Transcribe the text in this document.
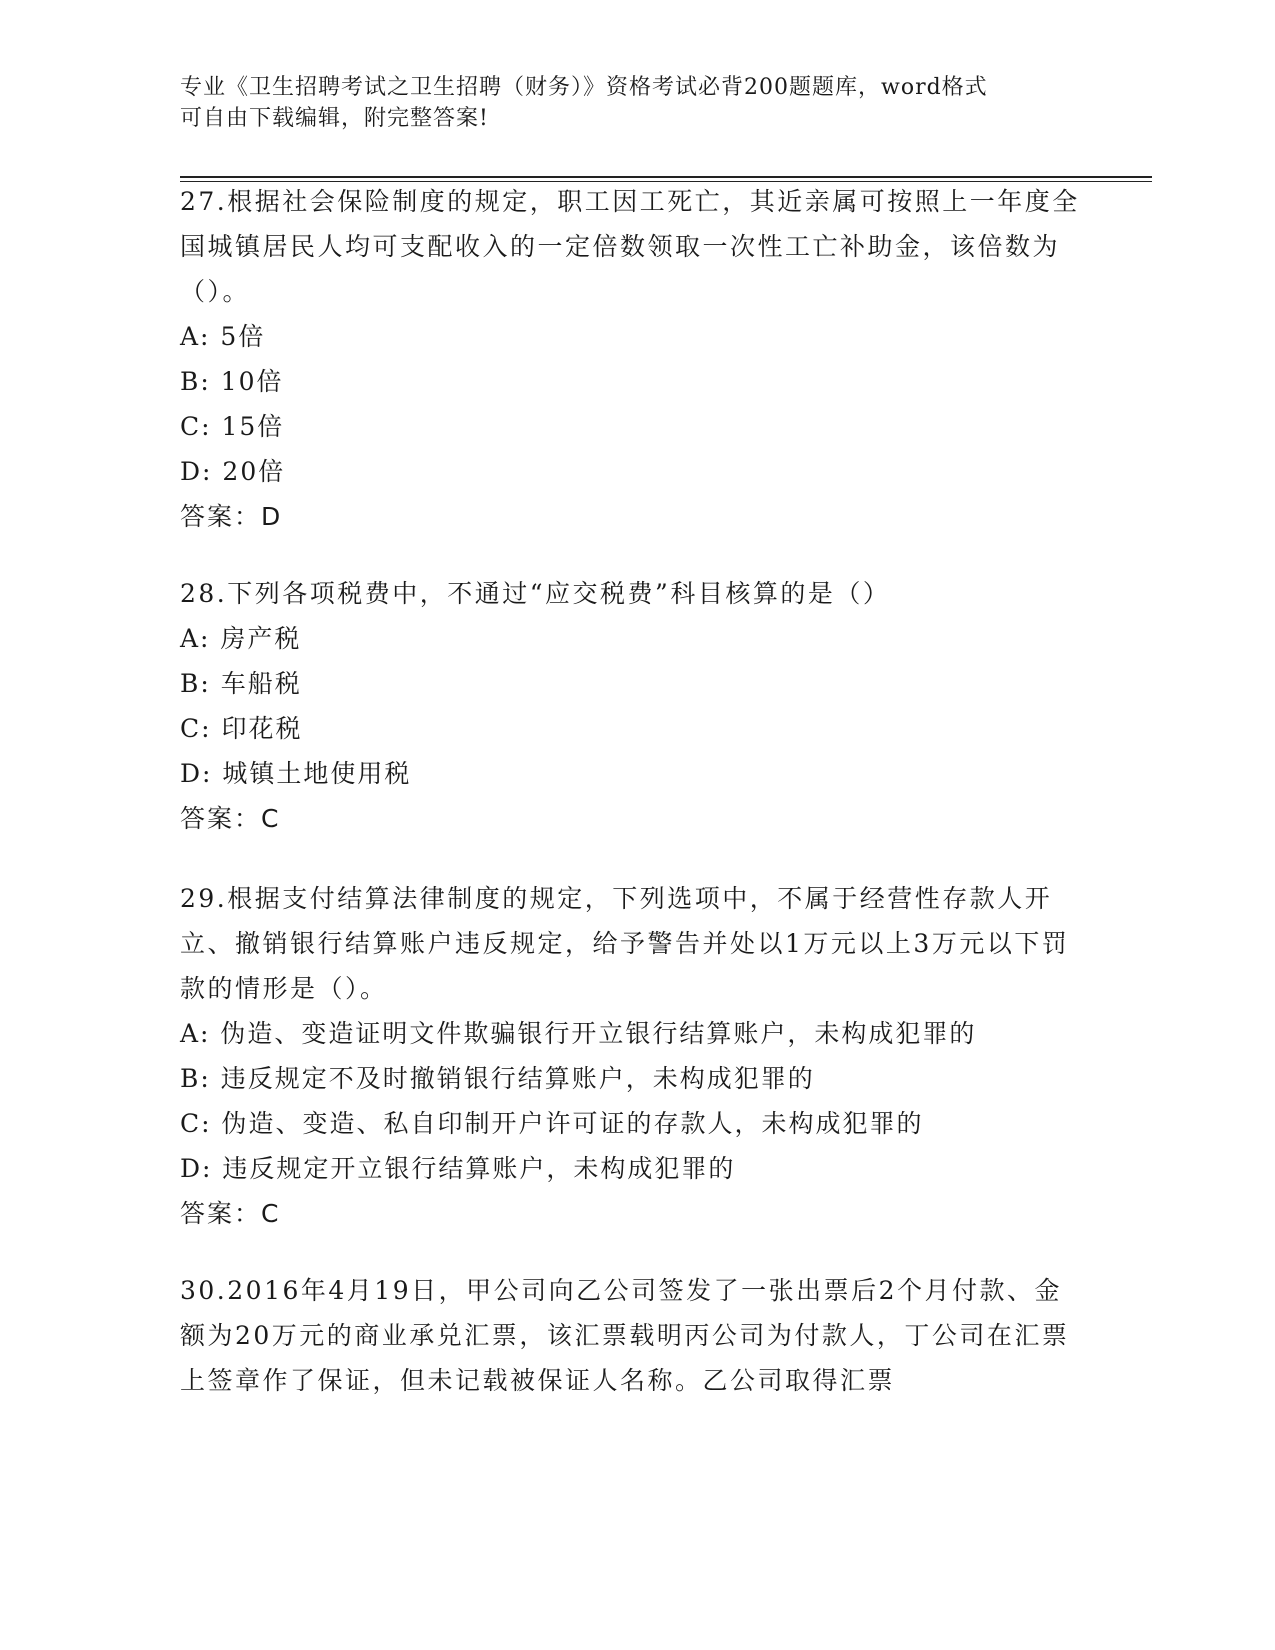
专业《卫生招聘考试之卫生招聘（财务）》资格考试必背200题题库，word格式
可自由下载编辑，附完整答案!

27.根据社会保险制度的规定，职工因工死亡，其近亲属可按照上一年度全国城镇居民人均可支配收入的一定倍数领取一次性工亡补助金，该倍数为（）。

A: 5倍

B: 10倍

C: 15倍

D: 20倍

答案：D

28.下列各项税费中，不通过“应交税费”科目核算的是（）

A: 房产税

B: 车船税

C: 印花税

D: 城镇土地使用税

答案：C

29.根据支付结算法律制度的规定，下列选项中，不属于经营性存款人开立、撤销银行结算账户违反规定，给予警告并处以1万元以上3万元以下罚款的情形是（）。

A: 伪造、变造证明文件欺骗银行开立银行结算账户，未构成犯罪的

B: 违反规定不及时撤销银行结算账户，未构成犯罪的

C: 伪造、变造、私自印制开户许可证的存款人，未构成犯罪的

D: 违反规定开立银行结算账户，未构成犯罪的

答案：C

30.2016年4月19日，甲公司向乙公司签发了一张出票后2个月付款、金额为20万元的商业承兑汇票，该汇票载明丙公司为付款人，丁公司在汇票上签章作了保证，但未记载被保证人名称。乙公司取得汇票
